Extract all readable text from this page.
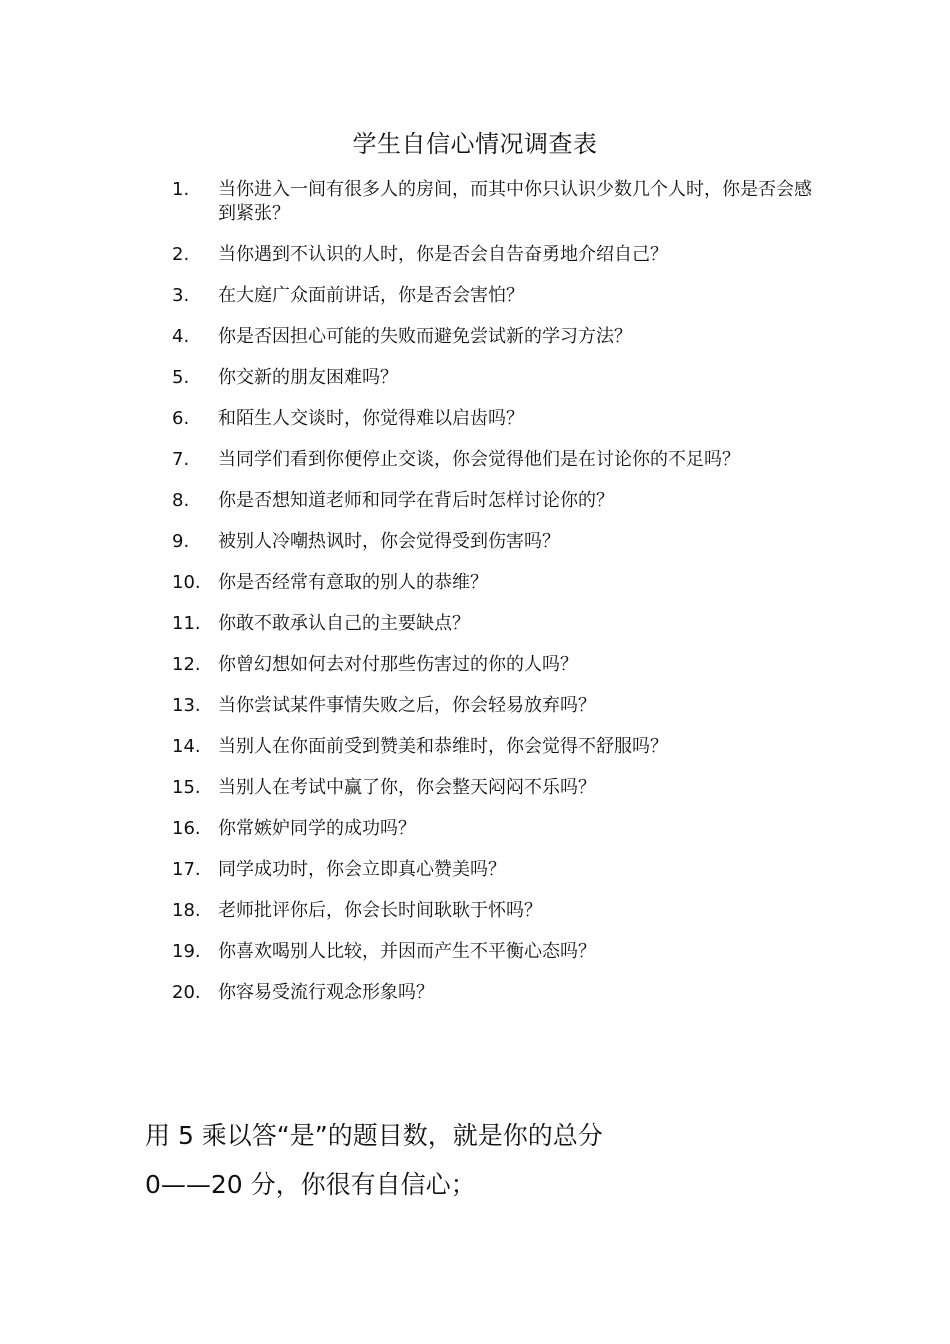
学生自信心情况调查表
1.	当你进入一间有很多人的房间，而其中你只认识少数几个人时，你是否会感到紧张？
2.	当你遇到不认识的人时，你是否会自告奋勇地介绍自己？
3.	在大庭广众面前讲话，你是否会害怕？
4.	你是否因担心可能的失败而避免尝试新的学习方法？
5.	你交新的朋友困难吗？
6.	和陌生人交谈时，你觉得难以启齿吗？
7.	当同学们看到你便停止交谈，你会觉得他们是在讨论你的不足吗？
8.	你是否想知道老师和同学在背后时怎样讨论你的？
9.	被别人冷嘲热讽时，你会觉得受到伤害吗？
10. 你是否经常有意取的别人的恭维？
11. 你敢不敢承认自己的主要缺点？
12. 你曾幻想如何去对付那些伤害过的你的人吗？
13. 当你尝试某件事情失败之后，你会轻易放弃吗？
14. 当别人在你面前受到赞美和恭维时，你会觉得不舒服吗？
15. 当别人在考试中赢了你，你会整天闷闷不乐吗？
16. 你常嫉妒同学的成功吗？
17. 同学成功时，你会立即真心赞美吗？
18. 老师批评你后，你会长时间耿耿于怀吗？
19. 你喜欢喝别人比较，并因而产生不平衡心态吗？
20. 你容易受流行观念形象吗？
用 5 乘以答“是”的题目数，就是你的总分
0——20 分，你很有自信心；
